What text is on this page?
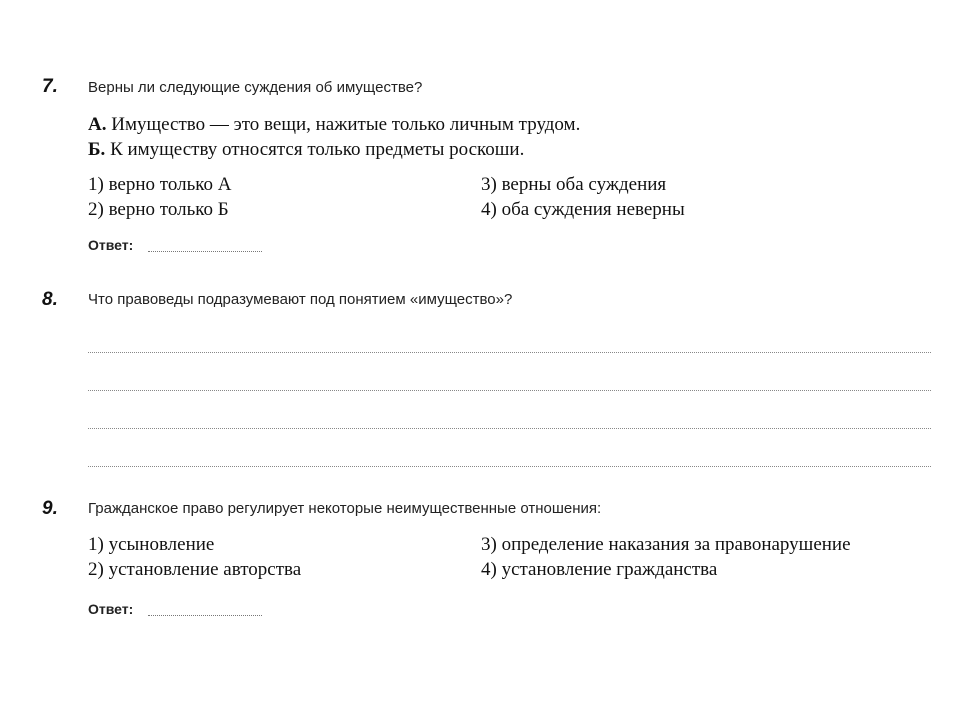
7. Верны ли следующие суждения об имуществе?
А. Имущество — это вещи, нажитые только личным трудом.
Б. К имуществу относятся только предметы роскоши.
1) верно только А
2) верно только Б
3) верны оба суждения
4) оба суждения неверны
Ответ:
8. Что правоведы подразумевают под понятием «имущество»?
9. Гражданское право регулирует некоторые неимущественные отношения:
1) усыновление
2) установление авторства
3) определение наказания за правонарушение
4) установление гражданства
Ответ:
